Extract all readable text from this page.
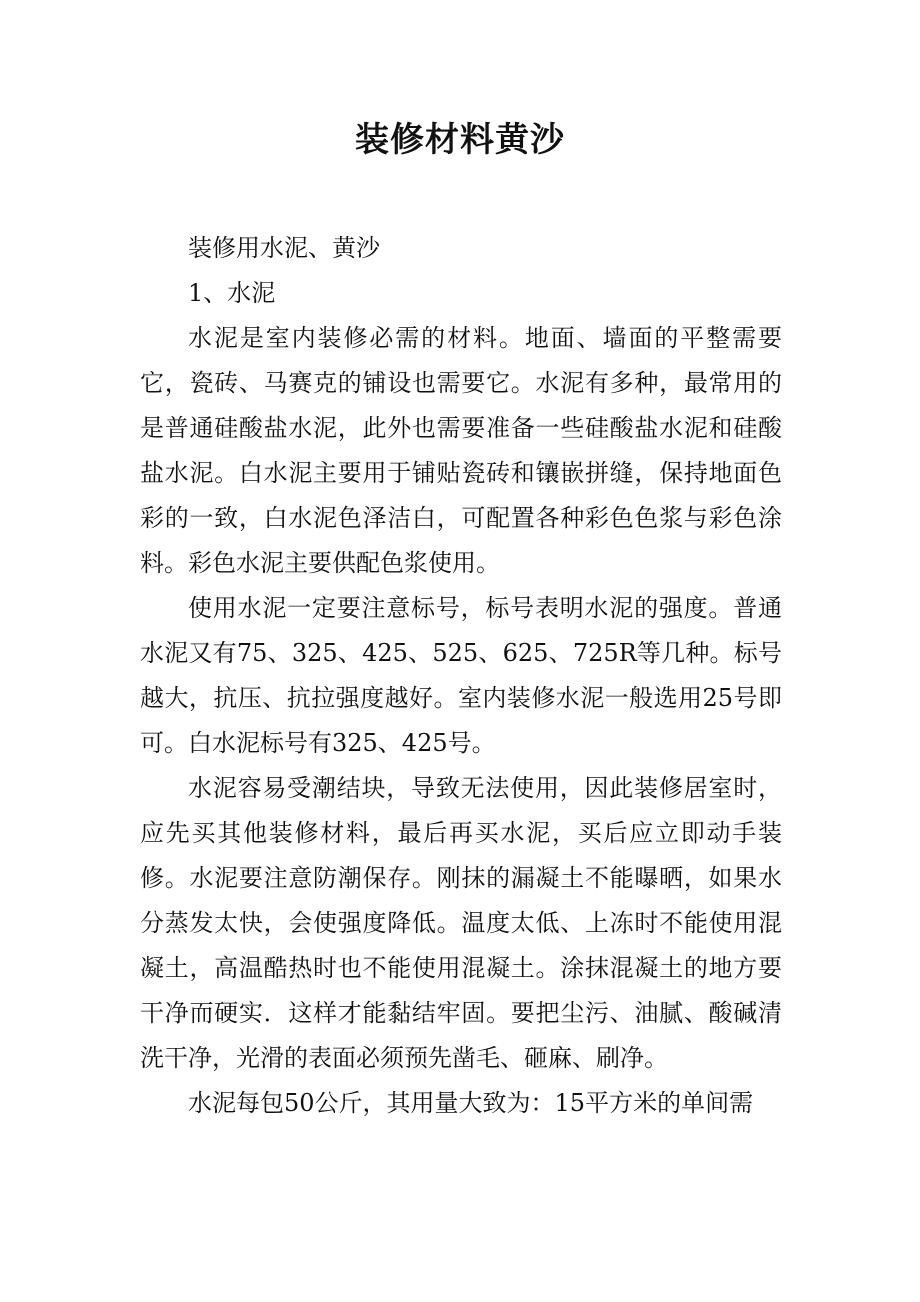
装修材料黄沙

装修用水泥、黄沙

1、水泥

水泥是室内装修必需的材料。地面、墙面的平整需要它，瓷砖、马赛克的铺设也需要它。水泥有多种，最常用的是普通硅酸盐水泥，此外也需要准备一些硅酸盐水泥和硅酸盐水泥。白水泥主要用于铺贴瓷砖和镶嵌拼缝，保持地面色彩的一致，白水泥色泽洁白，可配置各种彩色色浆与彩色涂料。彩色水泥主要供配色浆使用。

使用水泥一定要注意标号，标号表明水泥的强度。普通水泥又有75、325、425、525、625、725R等几种。标号越大，抗压、抗拉强度越好。室内装修水泥一般选用25号即可。白水泥标号有325、425号。

水泥容易受潮结块，导致无法使用，因此装修居室时，应先买其他装修材料，最后再买水泥，买后应立即动手装修。水泥要注意防潮保存。刚抹的漏凝土不能曝晒，如果水分蒸发太快，会使强度降低。温度太低、上冻时不能使用混凝土，高温酷热时也不能使用混凝土。涂抹混凝土的地方要干净而硬实．这样才能黏结牢固。要把尘污、油腻、酸碱清洗干净，光滑的表面必须预先凿毛、砸麻、刷净。

水泥每包50公斤，其用量大致为：15平方米的单间需
